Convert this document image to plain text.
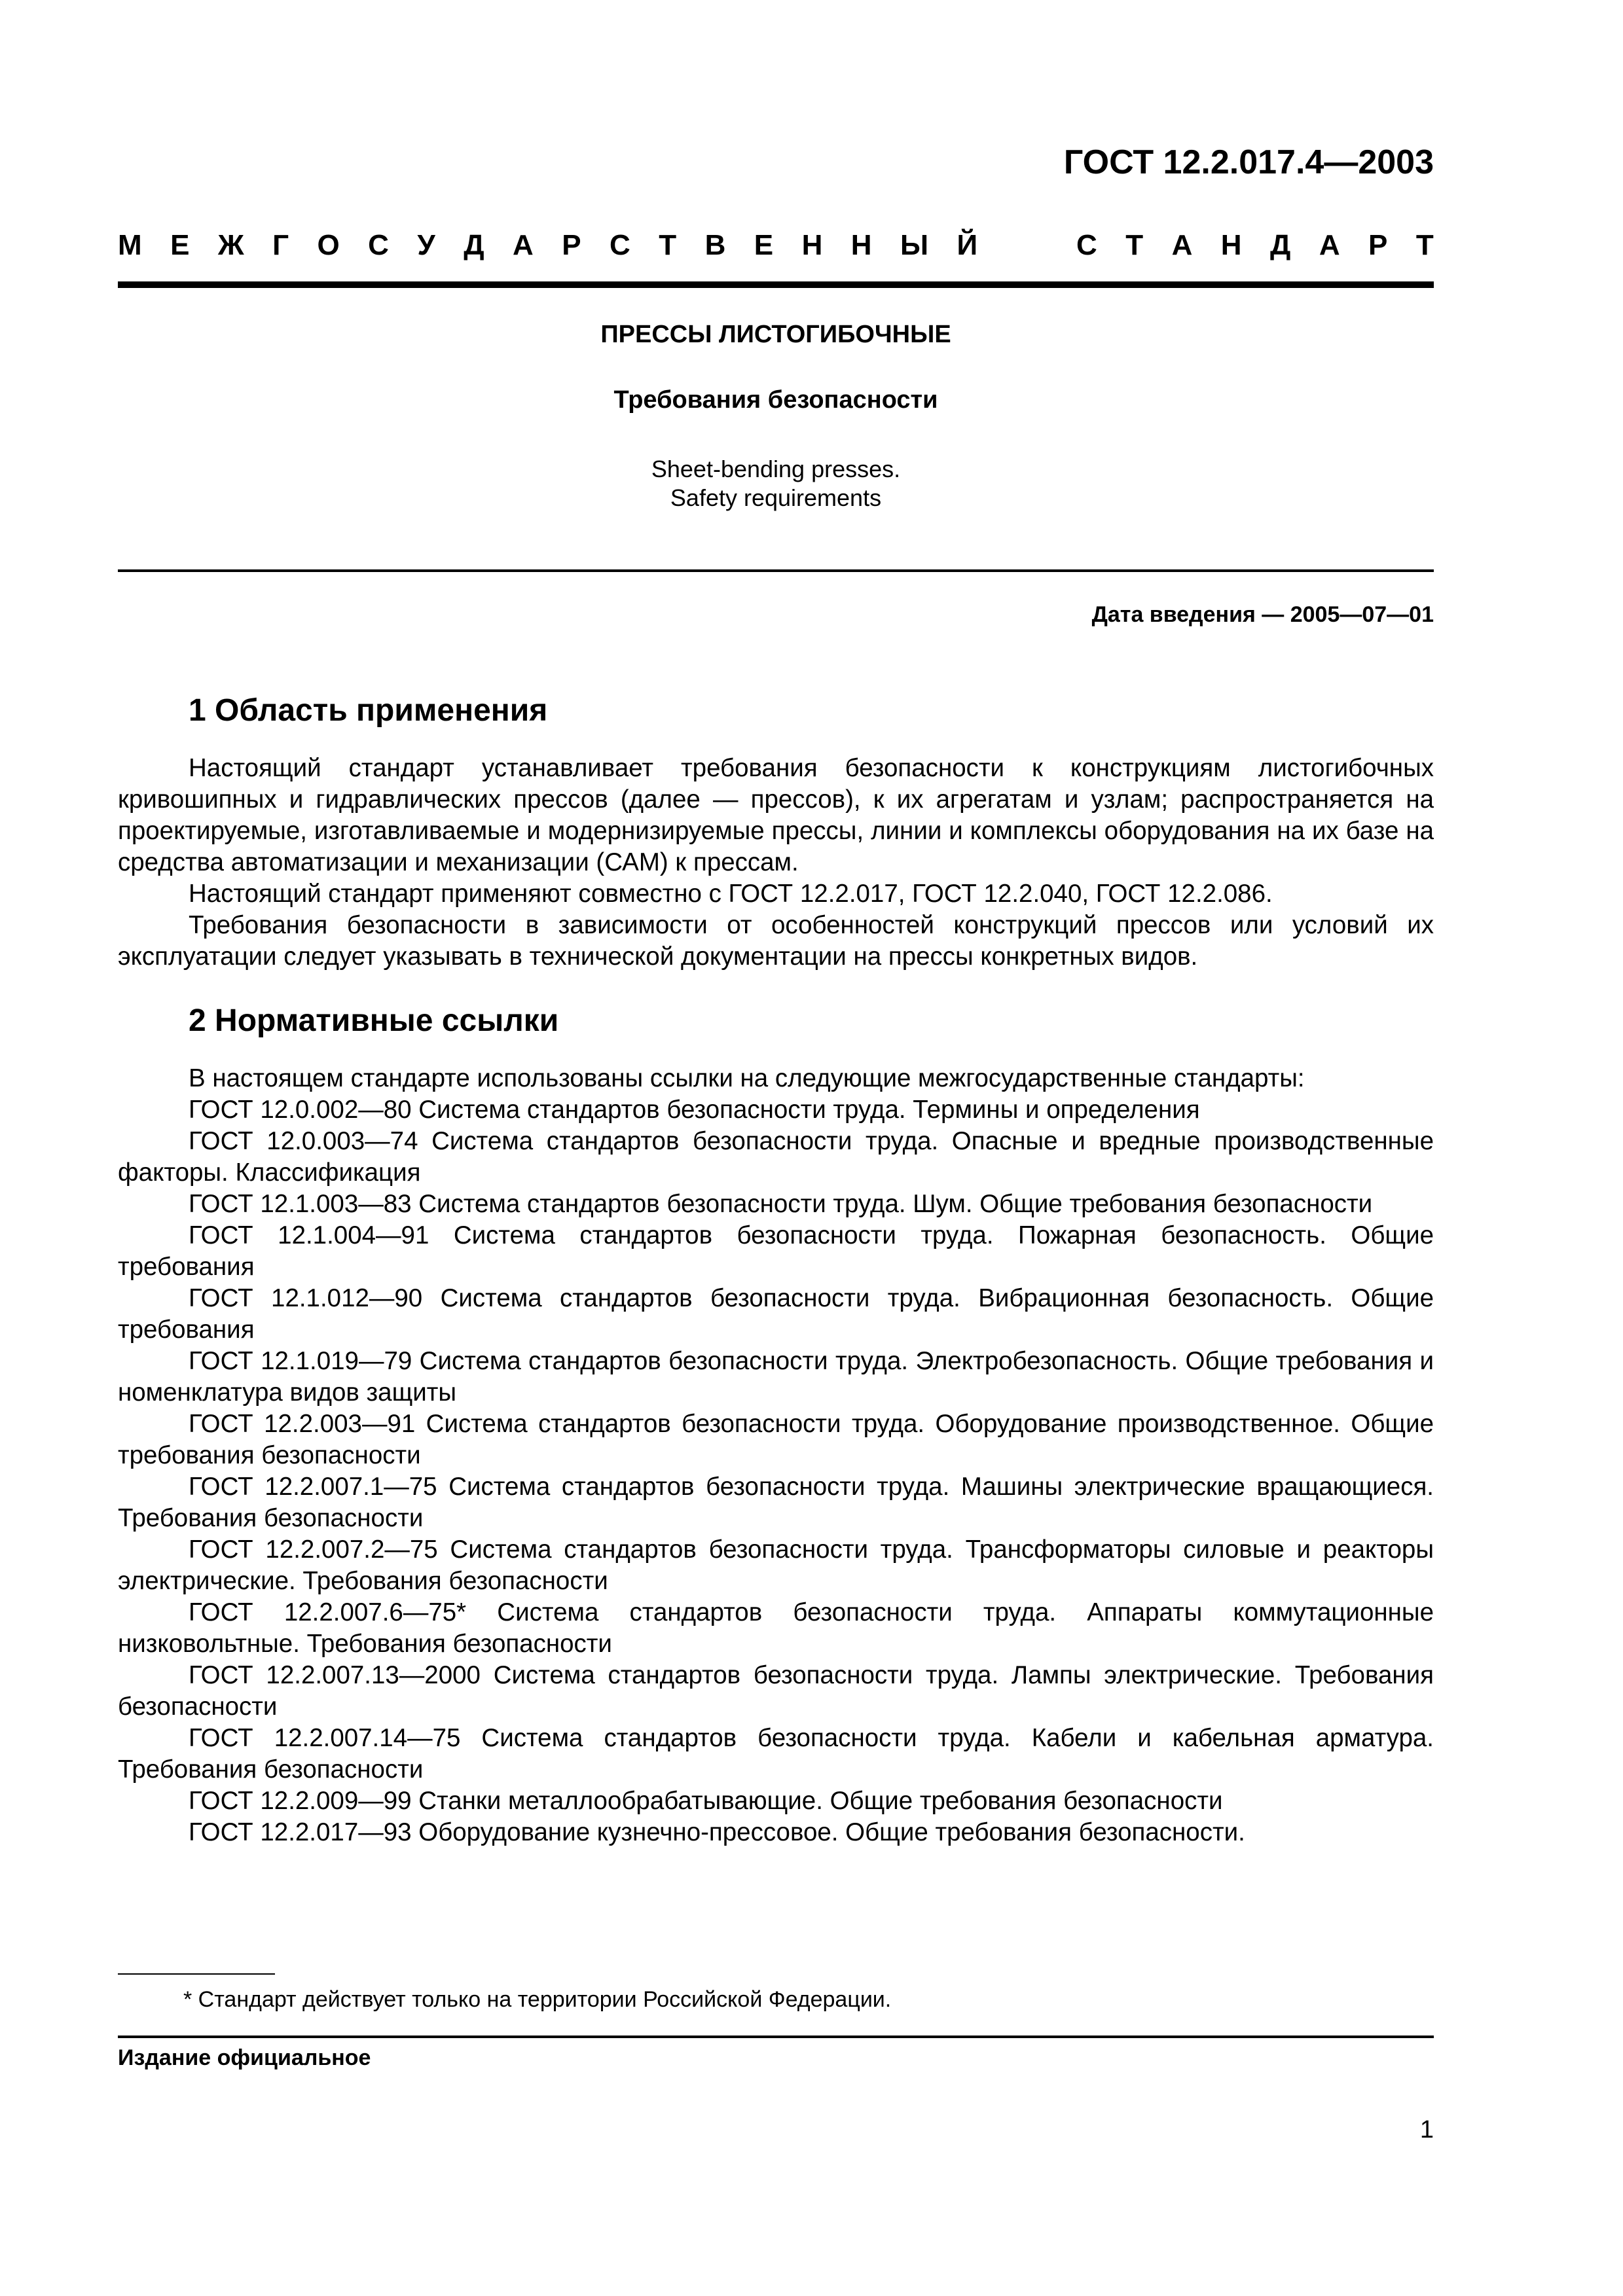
ГОСТ 12.2.017.4—2003
М Е Ж Г О С У Д А Р С Т В Е Н Н Ы Й	С Т А Н Д А Р Т
ПРЕССЫ ЛИСТОГИБОЧНЫЕ
Требования безопасности
Sheet-bending presses.
Safety requirements
Дата введения — 2005—07—01
1 Область применения

Настоящий стандарт устанавливает требования безопасности к конструкциям листогибочных кривошипных и гидравлических прессов (далее — прессов), к их агрегатам и узлам; распространяется на проектируемые, изготавливаемые и модернизируемые прессы, линии и комплексы оборудования на их базе на средства автоматизации и механизации (САМ) к прессам.

Настоящий стандарт применяют совместно с ГОСТ 12.2.017, ГОСТ 12.2.040, ГОСТ 12.2.086.

Требования безопасности в зависимости от особенностей конструкций прессов или условий их эксплуатации следует указывать в технической документации на прессы конкретных видов.

2 Нормативные ссылки

В настоящем стандарте использованы ссылки на следующие межгосударственные стандарты:

ГОСТ 12.0.002—80 Система стандартов безопасности труда. Термины и определения

ГОСТ 12.0.003—74 Система стандартов безопасности труда. Опасные и вредные производственные факторы. Классификация

ГОСТ 12.1.003—83 Система стандартов безопасности труда. Шум. Общие требования безопасности

ГОСТ 12.1.004—91 Система стандартов безопасности труда. Пожарная безопасность. Общие требования

ГОСТ 12.1.012—90 Система стандартов безопасности труда. Вибрационная безопасность. Общие требования

ГОСТ 12.1.019—79 Система стандартов безопасности труда. Электробезопасность. Общие требования и номенклатура видов защиты

ГОСТ 12.2.003—91 Система стандартов безопасности труда. Оборудование производственное. Общие требования безопасности

ГОСТ 12.2.007.1—75 Система стандартов безопасности труда. Машины электрические вращающиеся. Требования безопасности

ГОСТ 12.2.007.2—75 Система стандартов безопасности труда. Трансформаторы силовые и реакторы электрические. Требования безопасности

ГОСТ 12.2.007.6—75* Система стандартов безопасности труда. Аппараты коммутационные низковольтные. Требования безопасности

ГОСТ 12.2.007.13—2000 Система стандартов безопасности труда. Лампы электрические. Требования безопасности

ГОСТ 12.2.007.14—75 Система стандартов безопасности труда. Кабели и кабельная арматура. Требования безопасности

ГОСТ 12.2.009—99 Станки металлообрабатывающие. Общие требования безопасности

ГОСТ 12.2.017—93 Оборудование кузнечно-прессовое. Общие требования безопасности.

* Стандарт действует только на территории Российской Федерации.
Издание официальное
1
